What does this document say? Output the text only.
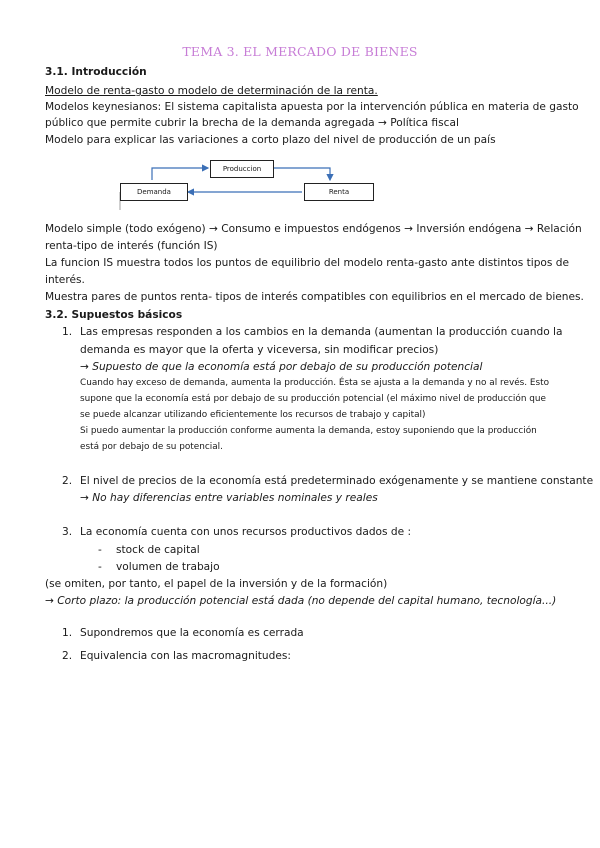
TEMA 3. EL MERCADO DE BIENES
3.1. Introducción
Modelo de renta-gasto o modelo de determinación de la renta.
Modelos keynesianos: El sistema capitalista apuesta por la intervención pública en materia de gasto
público que permite cubrir la brecha de la demanda agregada → Política fiscal
Modelo para explicar las variaciones a corto plazo del nivel de producción de un país
Produccion
Demanda	Renta
Modelo simple (todo exógeno) → Consumo e impuestos endógenos → Inversión endógena → Relación
renta-tipo de interés (función IS)
La funcion IS muestra todos los puntos de equilibrio del modelo renta-gasto ante distintos tipos de
interés.
Muestra pares de puntos renta- tipos de interés compatibles con equilibrios en el mercado de bienes.
3.2. Supuestos básicos
1. Las empresas responden a los cambios en la demanda (aumentan la producción cuando la
demanda es mayor que la oferta y viceversa, sin modificar precios)
→ Supuesto de que la economía está por debajo de su producción potencial
Cuando hay exceso de demanda, aumenta la producción. Ésta se ajusta a la demanda y no al revés. Esto
supone que la economía está por debajo de su producción potencial (el máximo nivel de producción que
se puede alcanzar utilizando eficientemente los recursos de trabajo y capital)
Si puedo aumentar la producción conforme aumenta la demanda, estoy suponiendo que la producción
está por debajo de su potencial.
2. El nivel de precios de la economía está predeterminado exógenamente y se mantiene constante
→ No hay diferencias entre variables nominales y reales
3. La economía cuenta con unos recursos productivos dados de :
- stock de capital
- volumen de trabajo
(se omiten, por tanto, el papel de la inversión y de la formación)
→ Corto plazo: la producción potencial está dada (no depende del capital humano, tecnología...)
1. Supondremos que la economía es cerrada
2. Equivalencia con las macromagnitudes:
